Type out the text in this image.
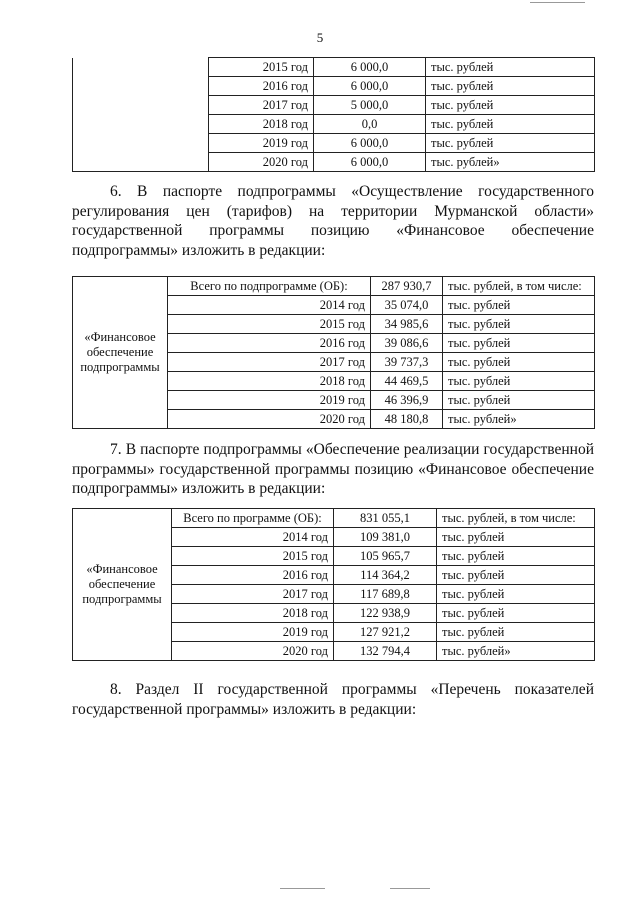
5
	2015 год	6 000,0	тыс. рублей
	2016 год	6 000,0	тыс. рублей
	2017 год	5 000,0	тыс. рублей
	2018 год	0,0	тыс. рублей
	2019 год	6 000,0	тыс. рублей
	2020 год	6 000,0	тыс. рублей»
6. В паспорте подпрограммы «Осуществление государственного регулирования цен (тарифов) на территории Мурманской области» государственной программы позицию «Финансовое обеспечение подпрограммы» изложить в редакции:
«Финансовое обеспечение подпрограммы	Всего по подпрограмме (ОБ):	287 930,7	тыс. рублей, в том числе:
	2014 год	35 074,0	тыс. рублей
	2015 год	34 985,6	тыс. рублей
	2016 год	39 086,6	тыс. рублей
	2017 год	39 737,3	тыс. рублей
	2018 год	44 469,5	тыс. рублей
	2019 год	46 396,9	тыс. рублей
	2020 год	48 180,8	тыс. рублей»
7. В паспорте подпрограммы «Обеспечение реализации государственной программы» государственной программы позицию «Финансовое обеспечение подпрограммы» изложить в редакции:
«Финансовое обеспечение подпрограммы	Всего по программе (ОБ):	831 055,1	тыс. рублей, в том числе:
	2014 год	109 381,0	тыс. рублей
	2015 год	105 965,7	тыс. рублей
	2016 год	114 364,2	тыс. рублей
	2017 год	117 689,8	тыс. рублей
	2018 год	122 938,9	тыс. рублей
	2019 год	127 921,2	тыс. рублей
	2020 год	132 794,4	тыс. рублей»
8. Раздел II государственной программы «Перечень показателей государственной программы» изложить в редакции:
